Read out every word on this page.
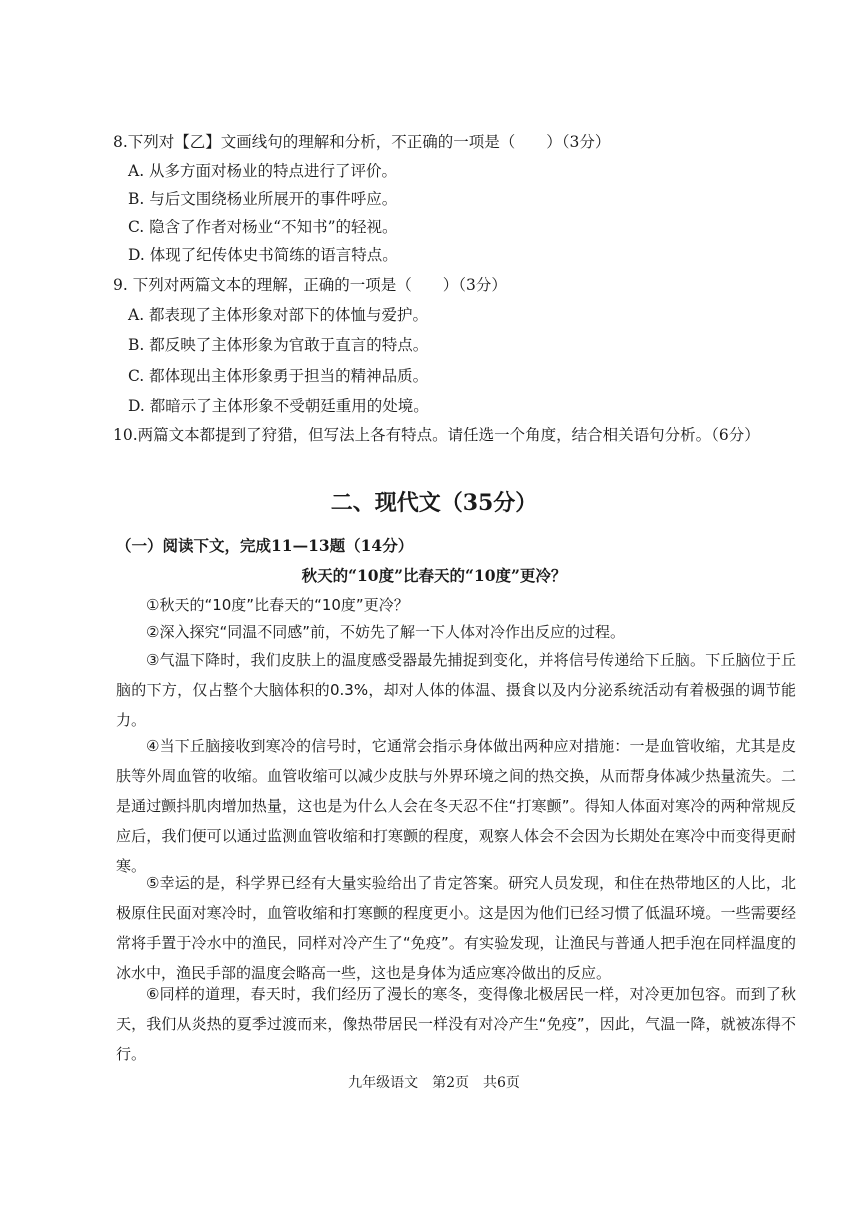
8.下列对【乙】文画线句的理解和分析，不正确的一项是（　　）（3分）
A. 从多方面对杨业的特点进行了评价。
B. 与后文围绕杨业所展开的事件呼应。
C. 隐含了作者对杨业“不知书”的轻视。
D. 体现了纪传体史书简练的语言特点。
9. 下列对两篇文本的理解，正确的一项是（　　）（3分）
A. 都表现了主体形象对部下的体恤与爱护。
B. 都反映了主体形象为官敢于直言的特点。
C. 都体现出主体形象勇于担当的精神品质。
D. 都暗示了主体形象不受朝廷重用的处境。
10.两篇文本都提到了狩猎，但写法上各有特点。请任选一个角度，结合相关语句分析。（6分）
二、现代文（35分）
（一）阅读下文，完成11—13题（14分）
秋天的“10度”比春天的“10度”更冷？
①秋天的“10度”比春天的“10度”更冷？
②深入探究“同温不同感”前，不妨先了解一下人体对冷作出反应的过程。
③气温下降时，我们皮肤上的温度感受器最先捕捉到变化，并将信号传递给下丘脑。下丘脑位于丘脑的下方，仅占整个大脑体积的0.3%，却对人体的体温、摄食以及内分泌系统活动有着极强的调节能力。
④当下丘脑接收到寒冷的信号时，它通常会指示身体做出两种应对措施：一是血管收缩，尤其是皮肤等外周血管的收缩。血管收缩可以减少皮肤与外界环境之间的热交换，从而帮身体减少热量流失。二是通过颤抖肌肉增加热量，这也是为什么人会在冬天忍不住“打寒颤”。得知人体面对寒冷的两种常规反应后，我们便可以通过监测血管收缩和打寒颤的程度，观察人体会不会因为长期处在寒冷中而变得更耐寒。
⑤幸运的是，科学界已经有大量实验给出了肯定答案。研究人员发现，和住在热带地区的人比，北极原住民面对寒冷时，血管收缩和打寒颤的程度更小。这是因为他们已经习惯了低温环境。一些需要经常将手置于冷水中的渔民，同样对冷产生了“免疫”。有实验发现，让渔民与普通人把手泡在同样温度的冰水中，渔民手部的温度会略高一些，这也是身体为适应寒冷做出的反应。
⑥同样的道理，春天时，我们经历了漫长的寒冬，变得像北极居民一样，对冷更加包容。而到了秋天，我们从炎热的夏季过渡而来，像热带居民一样没有对冷产生“免疫”，因此，气温一降，就被冻得不行。
九年级语文　第2页　共6页
